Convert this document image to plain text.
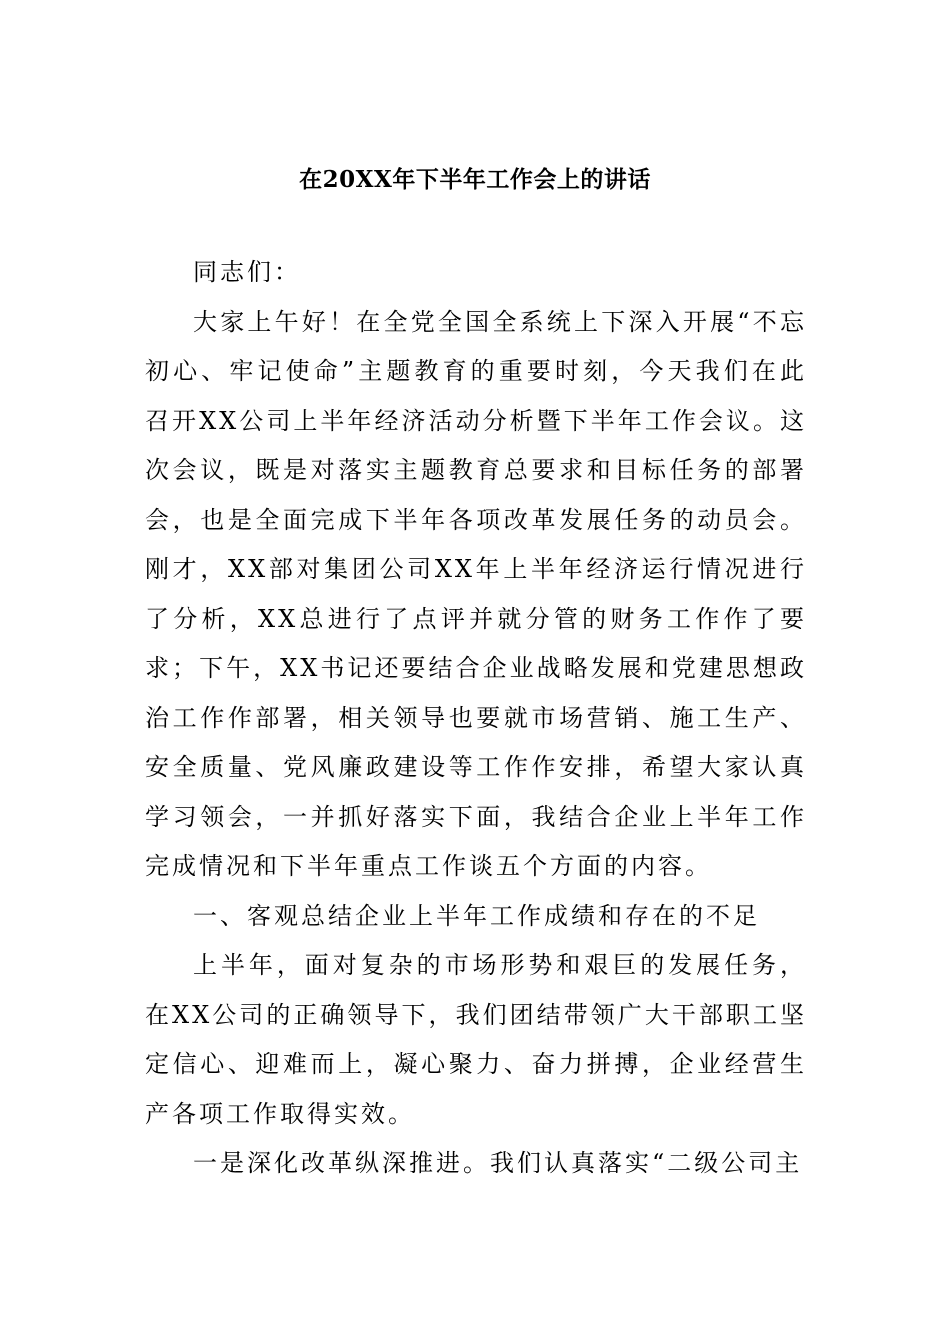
在20XX年下半年工作会上的讲话

同志们：

大家上午好！在全党全国全系统上下深入开展“不忘初心、牢记使命”主题教育的重要时刻，今天我们在此召开XX公司上半年经济活动分析暨下半年工作会议。这次会议，既是对落实主题教育总要求和目标任务的部署会，也是全面完成下半年各项改革发展任务的动员会。刚才，XX部对集团公司XX年上半年经济运行情况进行了分析，XX总进行了点评并就分管的财务工作作了要求；下午，XX书记还要结合企业战略发展和党建思想政治工作作部署，相关领导也要就市场营销、施工生产、安全质量、党风廉政建设等工作作安排，希望大家认真学习领会，一并抓好落实下面，我结合企业上半年工作完成情况和下半年重点工作谈五个方面的内容。

一、客观总结企业上半年工作成绩和存在的不足

上半年，面对复杂的市场形势和艰巨的发展任务，在XX公司的正确领导下，我们团结带领广大干部职工坚定信心、迎难而上，凝心聚力、奋力拼搏，企业经营生产各项工作取得实效。

一是深化改革纵深推进。我们认真落实“二级公司主
